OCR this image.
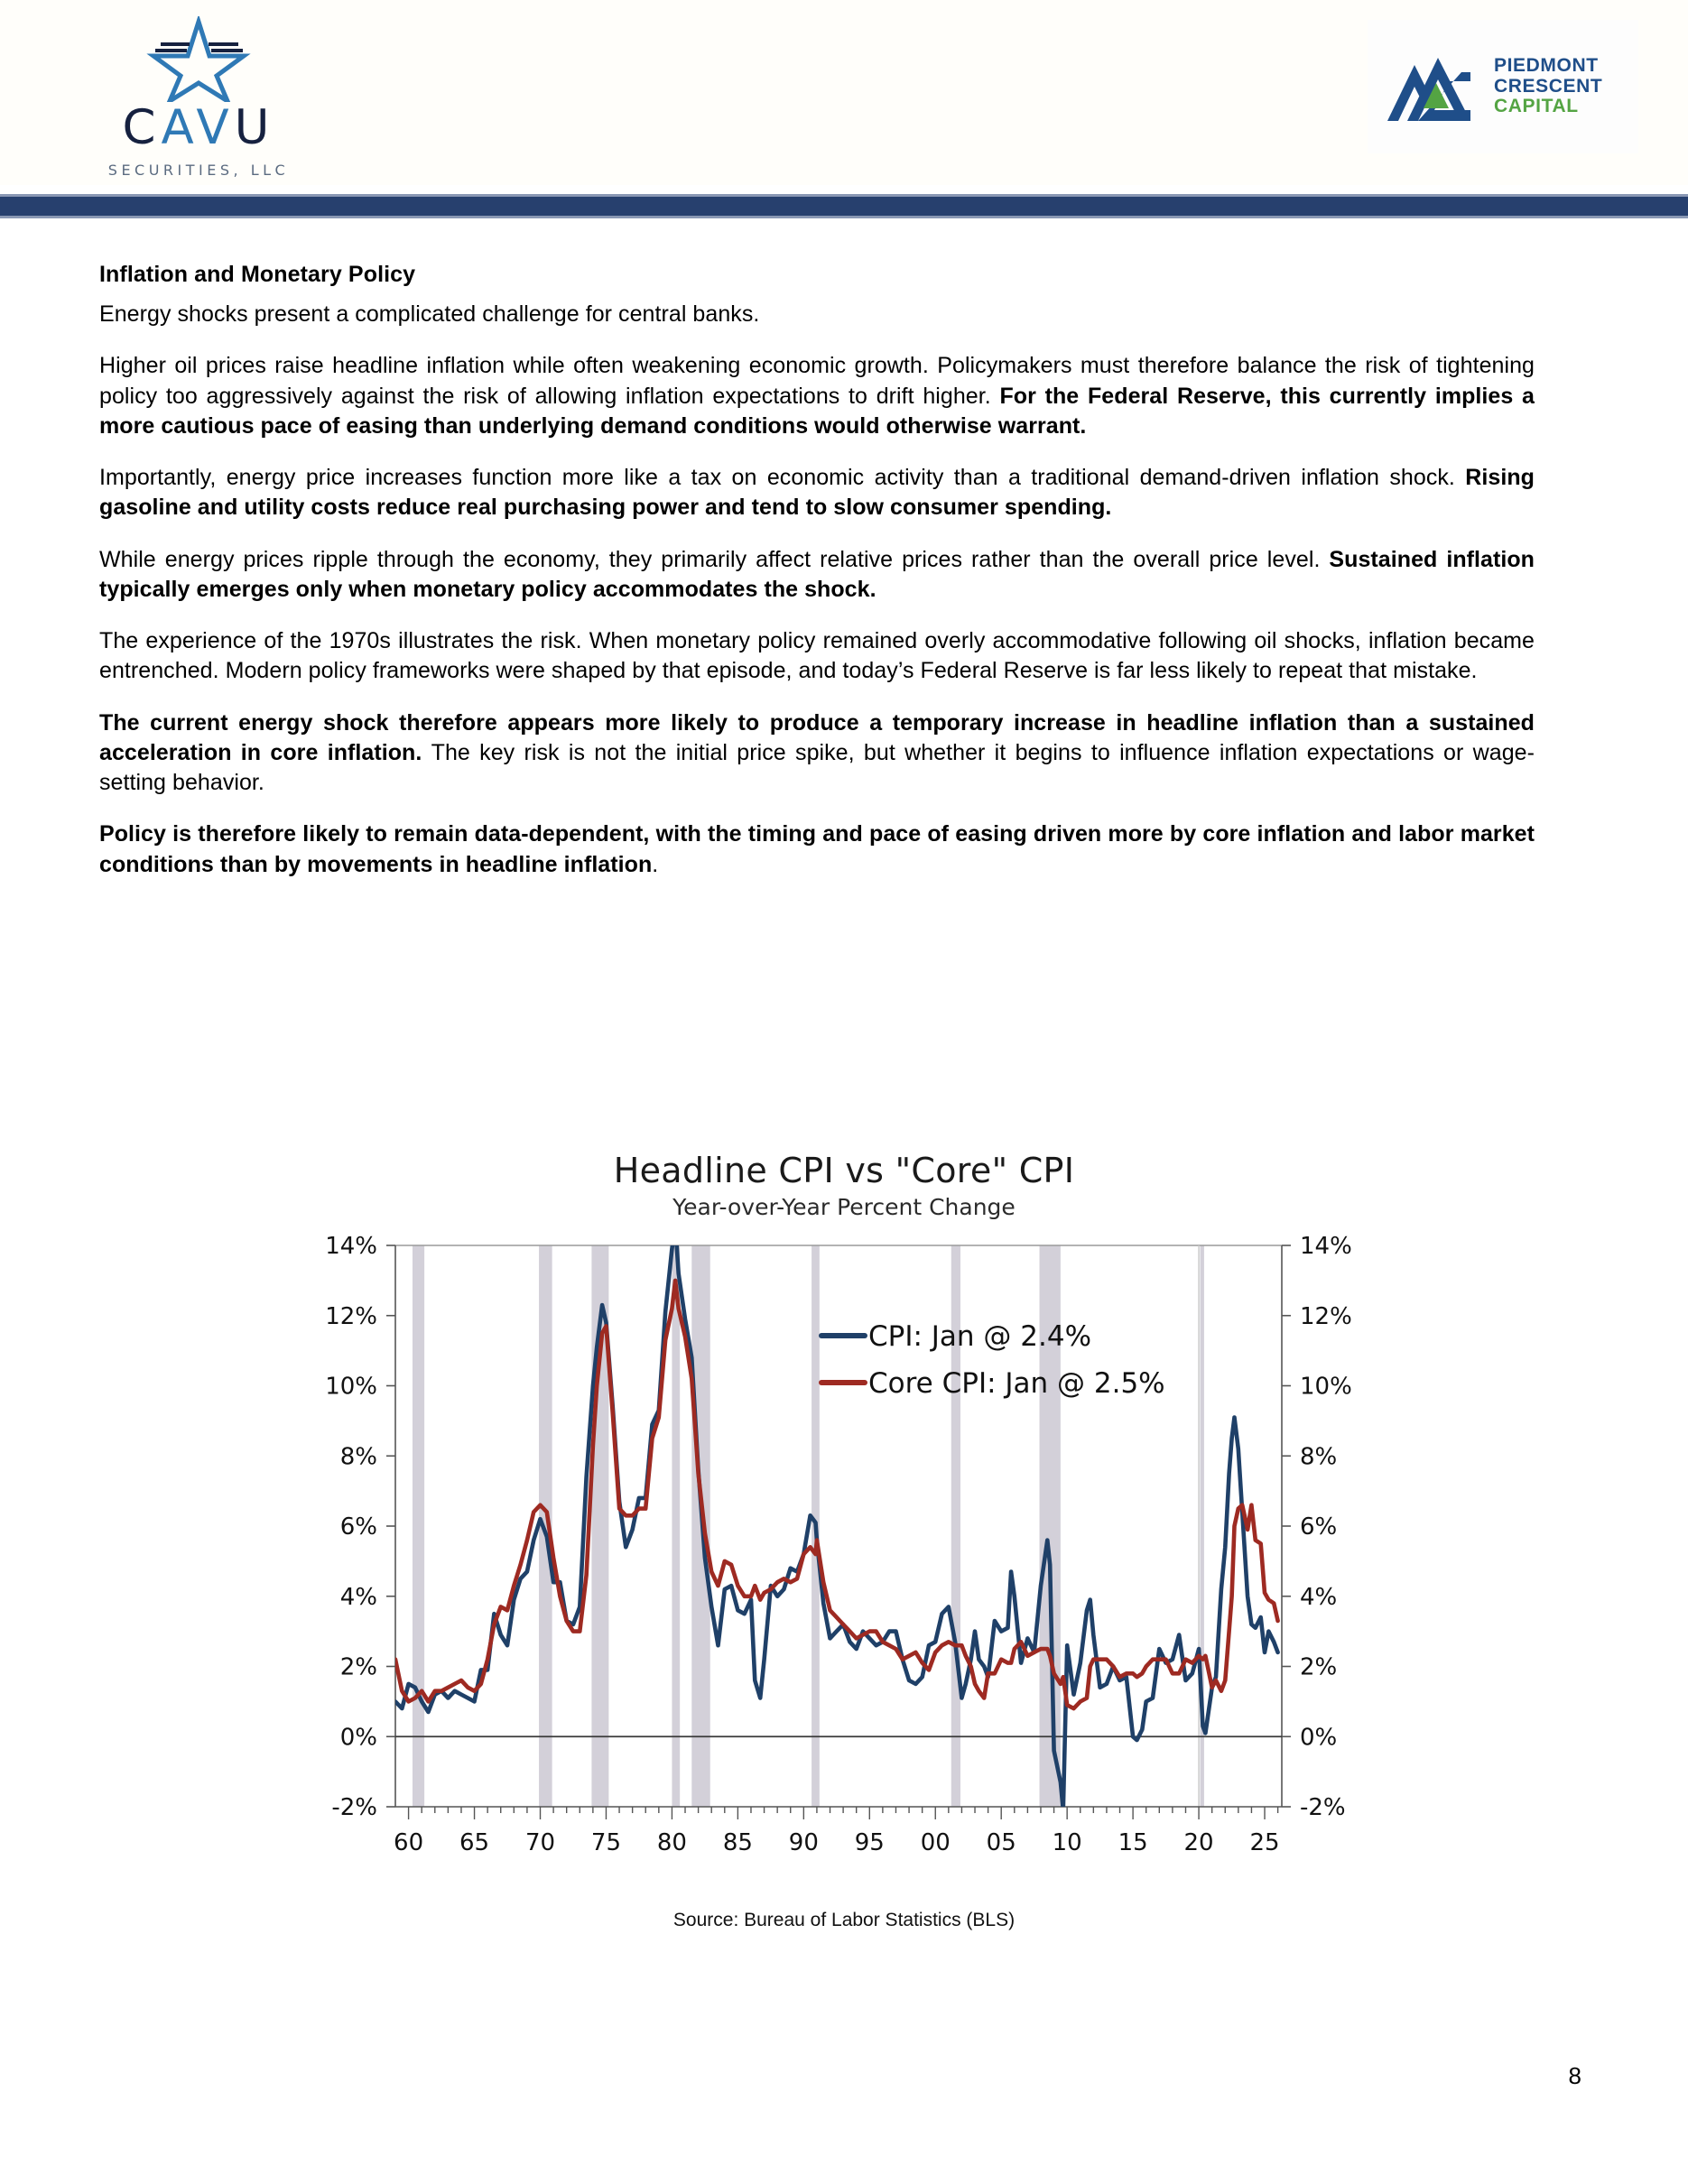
CAVU
SECURITIES, LLC
PIEDMONT
CRESCENT
CAPITAL
Inflation and Monetary Policy

Energy shocks present a complicated challenge for central banks.

Higher oil prices raise headline inflation while often weakening economic growth. Policymakers must therefore balance the risk of tightening policy too aggressively against the risk of allowing inflation expectations to drift higher. For the Federal Reserve, this currently implies a more cautious pace of easing than underlying demand conditions would otherwise warrant.

Importantly, energy price increases function more like a tax on economic activity than a traditional demand-driven inflation shock. Rising gasoline and utility costs reduce real purchasing power and tend to slow consumer spending.

While energy prices ripple through the economy, they primarily affect relative prices rather than the overall price level. Sustained inflation typically emerges only when monetary policy accommodates the shock.

The experience of the 1970s illustrates the risk. When monetary policy remained overly accommodative following oil shocks, inflation became entrenched. Modern policy frameworks were shaped by that episode, and today’s Federal Reserve is far less likely to repeat that mistake.

The current energy shock therefore appears more likely to produce a temporary increase in headline inflation than a sustained acceleration in core inflation. The key risk is not the initial price spike, but whether it begins to influence inflation expectations or wage-setting behavior.

Policy is therefore likely to remain data-dependent, with the timing and pace of easing driven more by core inflation and labor market conditions than by movements in headline inflation.

Headline CPI vs "Core" CPI
Year-over-Year Percent Change
14%	14%
12%	12%
10%	10%
8%	8%
6%	6%
4%	4%
2%	2%
0%	0%
-2%	-2%
60 65 70 75 80 85 90 95 00 05 10 15 20 25
CPI: Jan @ 2.4%
Core CPI: Jan @ 2.5%
Source: Bureau of Labor Statistics (BLS)
8
